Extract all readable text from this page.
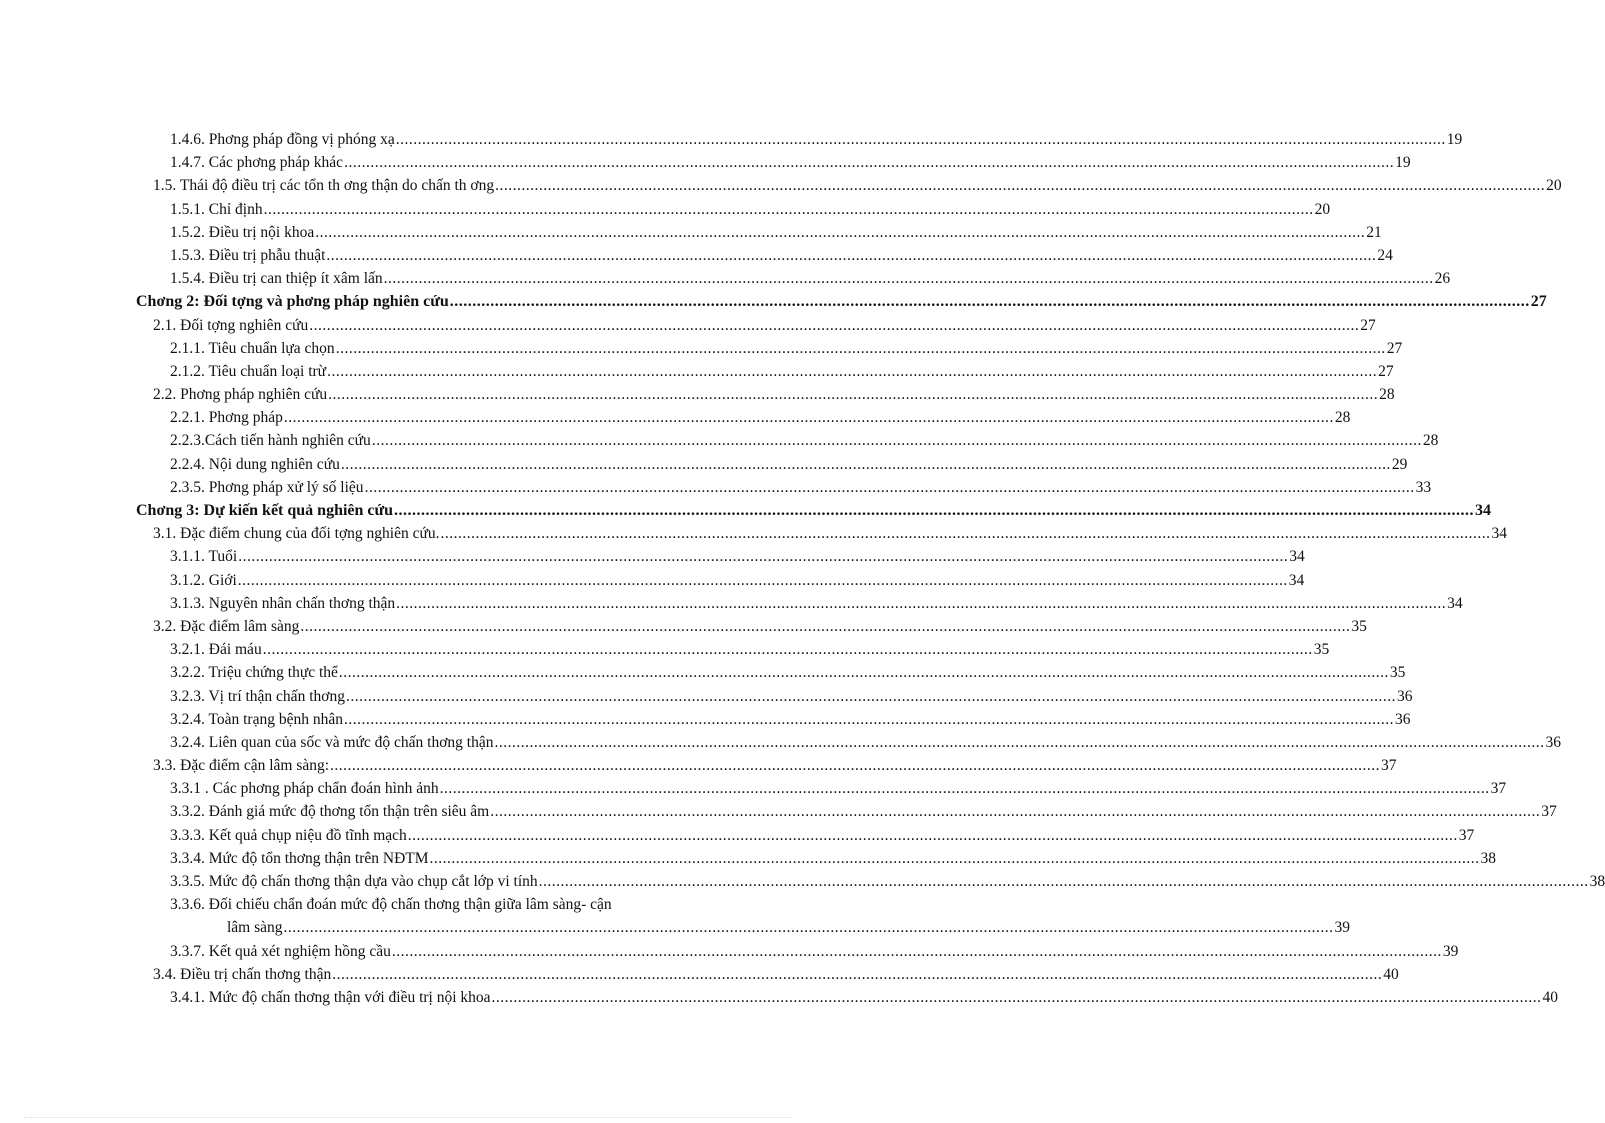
1.4.6. Phơng pháp đồng vị phóng xạ .....	19
1.4.7. Các phơng pháp khác .....	19
1.5. Thái độ điều trị các tổn th ơng thận do chấn th ơng .....	20
1.5.1. Chỉ định .....	20
1.5.2. Điều trị nội khoa .....	21
1.5.3. Điều trị phẫu thuật .....	24
1.5.4. Điều trị can thiệp ít xâm lấn .....	26
Chơng 2: Đối tợng và phơng pháp nghiên cứu .....	27
2.1. Đối tợng nghiên cứu .....	27
2.1.1. Tiêu chuẩn lựa chọn .....	27
2.1.2. Tiêu chuẩn loại trừ .....	27
2.2. Phơng pháp nghiên cứu .....	28
2.2.1. Phơng pháp .....	28
2.2.3.Cách tiến hành nghiên cứu .....	28
2.2.4. Nội dung nghiên cứu .....	29
2.3.5. Phơng pháp xử lý số liệu .....	33
Chơng 3: Dự kiến kết quả nghiên cứu .....	34
3.1. Đặc điểm chung của đối tợng nghiên cứu. .....	34
3.1.1. Tuổi .....	34
3.1.2. Giới .....	34
3.1.3. Nguyên nhân chấn thơng thận .....	34
3.2. Đặc điểm lâm sàng .....	35
3.2.1. Đái máu .....	35
3.2.2. Triệu chứng thực thể .....	35
3.2.3. Vị trí thận chấn thơng .....	36
3.2.4. Toàn trạng bệnh nhân .....	36
3.2.4. Liên quan của sốc và mức độ chấn thơng thận .....	36
3.3. Đặc điểm cận lâm sàng: .....	37
3.3.1 . Các phơng pháp chẩn đoán hình ảnh .....	37
3.3.2. Đánh giá mức độ thơng tổn thận trên siêu âm .....	37
3.3.3. Kết quả chụp niệu đồ tĩnh mạch .....	37
3.3.4. Mức độ tổn thơng thận trên NĐTM .....	38
3.3.5. Mức độ chấn thơng thận dựa vào chụp cắt lớp vi tính .....	38
3.3.6. Đối chiếu chẩn đoán mức độ chấn thơng thận giữa lâm sàng- cận
lâm sàng .....	39
3.3.7. Kết quả xét nghiệm hồng cầu .....	39
3.4. Điều trị chấn thơng thận .....	40
3.4.1. Mức độ chấn thơng thận với điều trị nội khoa .....	40
